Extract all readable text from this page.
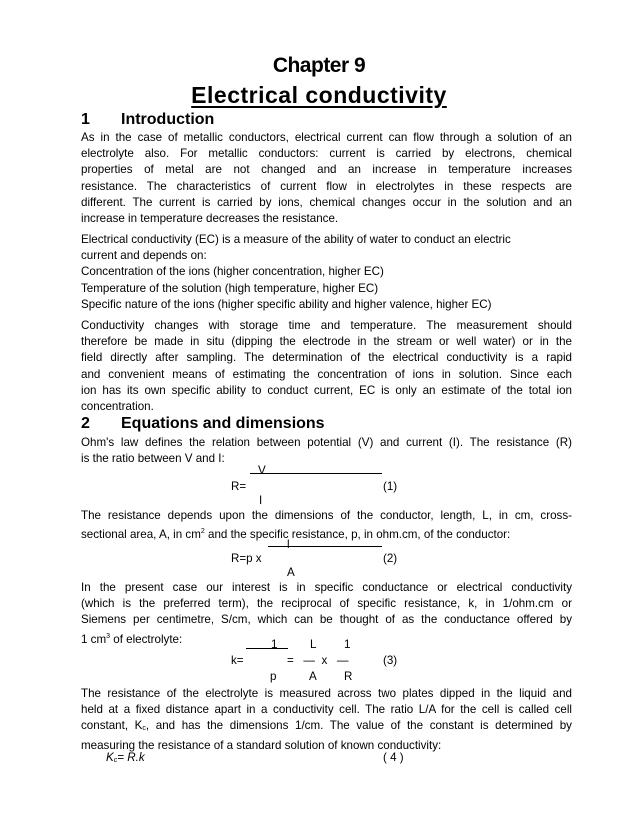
Chapter 9
Electrical conductivity
1 Introduction
As in the case of metallic conductors, electrical current can flow through a solution of an
electrolyte also. For metallic conductors: current is carried by electrons, chemical
properties of metal are not changed and an increase in temperature increases
resistance. The characteristics of current flow in electrolytes in these respects are
different. The current is carried by ions, chemical changes occur in the solution and an
increase in temperature decreases the resistance.
Electrical conductivity (EC) is a measure of the ability of water to conduct an electric
current and depends on:
Concentration of the ions (higher concentration, higher EC)
Temperature of the solution (high temperature, higher EC)
Specific nature of the ions (higher specific ability and higher valence, higher EC)
Conductivity changes with storage time and temperature. The measurement should
therefore be made in situ (dipping the electrode in the stream or well water) or in the
field directly after sampling. The determination of the electrical conductivity is a rapid
and convenient means of estimating the concentration of ions in solution. Since each
ion has its own specific ability to conduct current, EC is only an estimate of the total ion
concentration.
2 Equations and dimensions
Ohm's law defines the relation between potential (V) and current (I). The resistance (R)
is the ratio between V and I:
V
R=	(1)
I
The resistance depends upon the dimensions of the conductor, length, L, in cm, cross-
sectional area, A, in $cm^2$ and the specific resistance, p, in ohm.cm, of the conductor:
l
R=p x	(2)
A
In the present case our interest is in specific conductance or electrical conductivity
(which is the preferred term), the reciprocal of specific resistance, k, in 1/ohm.cm or
Siemens per centimetre, S/cm, which can be thought of as the conductance offered by
1 $cm^3$ of electrolyte:	1	L 1
k=	=   —  x   —	(3)
p	A R
The resistance of the electrolyte is measured across two plates dipped in the liquid and
held at a fixed distance apart in a conductivity cell. The ratio L/A for the cell is called cell
constant, $K_c$, and has the dimensions 1/cm. The value of the constant is determined by
measuring the resistance of a standard solution of known conductivity:
$K_c= R.k$	( 4 )
